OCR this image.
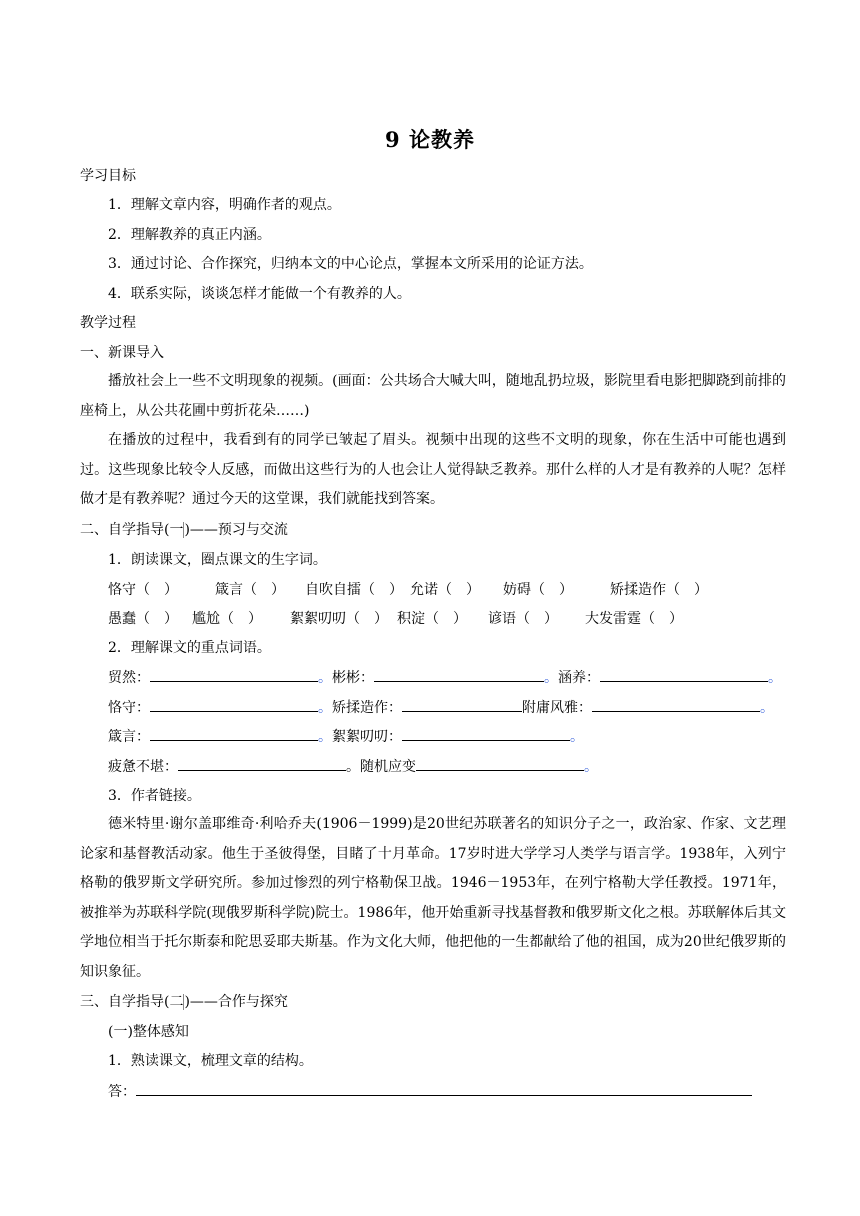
9 论教养
学习目标
1．理解文章内容，明确作者的观点。
2．理解教养的真正内涵。
3．通过讨论、合作探究，归纳本文的中心论点，掌握本文所采用的论证方法。
4．联系实际，谈谈怎样才能做一个有教养的人。
教学过程
一、新课导入
播放社会上一些不文明现象的视频。(画面：公共场合大喊大叫，随地乱扔垃圾，影院里看电影把脚跷到前排的座椅上，从公共花圃中剪折花朵……)
在播放的过程中，我看到有的同学已皱起了眉头。视频中出现的这些不文明的现象，你在生活中可能也遇到过。这些现象比较令人反感，而做出这些行为的人也会让人觉得缺乏教养。那什么样的人才是有教养的人呢？怎样做才是有教养呢？通过今天的这堂课，我们就能找到答案。
二、自学指导(一)——预习与交流
1．朗读课文，圈点课文的生字词。
恪守（　）	箴言（　） 自吹自擂（　） 允诺（　） 妨碍（　）	矫揉造作（　）
愚蠢（　） 尴尬（　） 絮絮叨叨（　） 积淀（　） 谚语（　） 大发雷霆（　）
2．理解课文的重点词语。
贸然：	。彬彬：	。涵养：	。
恪守：	。矫揉造作：	附庸风雅：	。
箴言：	。絮絮叨叨：	。
疲惫不堪：	。随机应变	。
3．作者链接。
德米特里·谢尔盖耶维奇·利哈乔夫(1906－1999)是20世纪苏联著名的知识分子之一，政治家、作家、文艺理论家和基督教活动家。他生于圣彼得堡，目睹了十月革命。17岁时进大学学习人类学与语言学。1938年，入列宁格勒的俄罗斯文学研究所。参加过惨烈的列宁格勒保卫战。1946－1953年，在列宁格勒大学任教授。1971年，被推举为苏联科学院(现俄罗斯科学院)院士。1986年，他开始重新寻找基督教和俄罗斯文化之根。苏联解体后其文学地位相当于托尔斯泰和陀思妥耶夫斯基。作为文化大师，他把他的一生都献给了他的祖国，成为20世纪俄罗斯的知识象征。
三、自学指导(二)——合作与探究
(一)整体感知
1．熟读课文，梳理文章的结构。
答：
